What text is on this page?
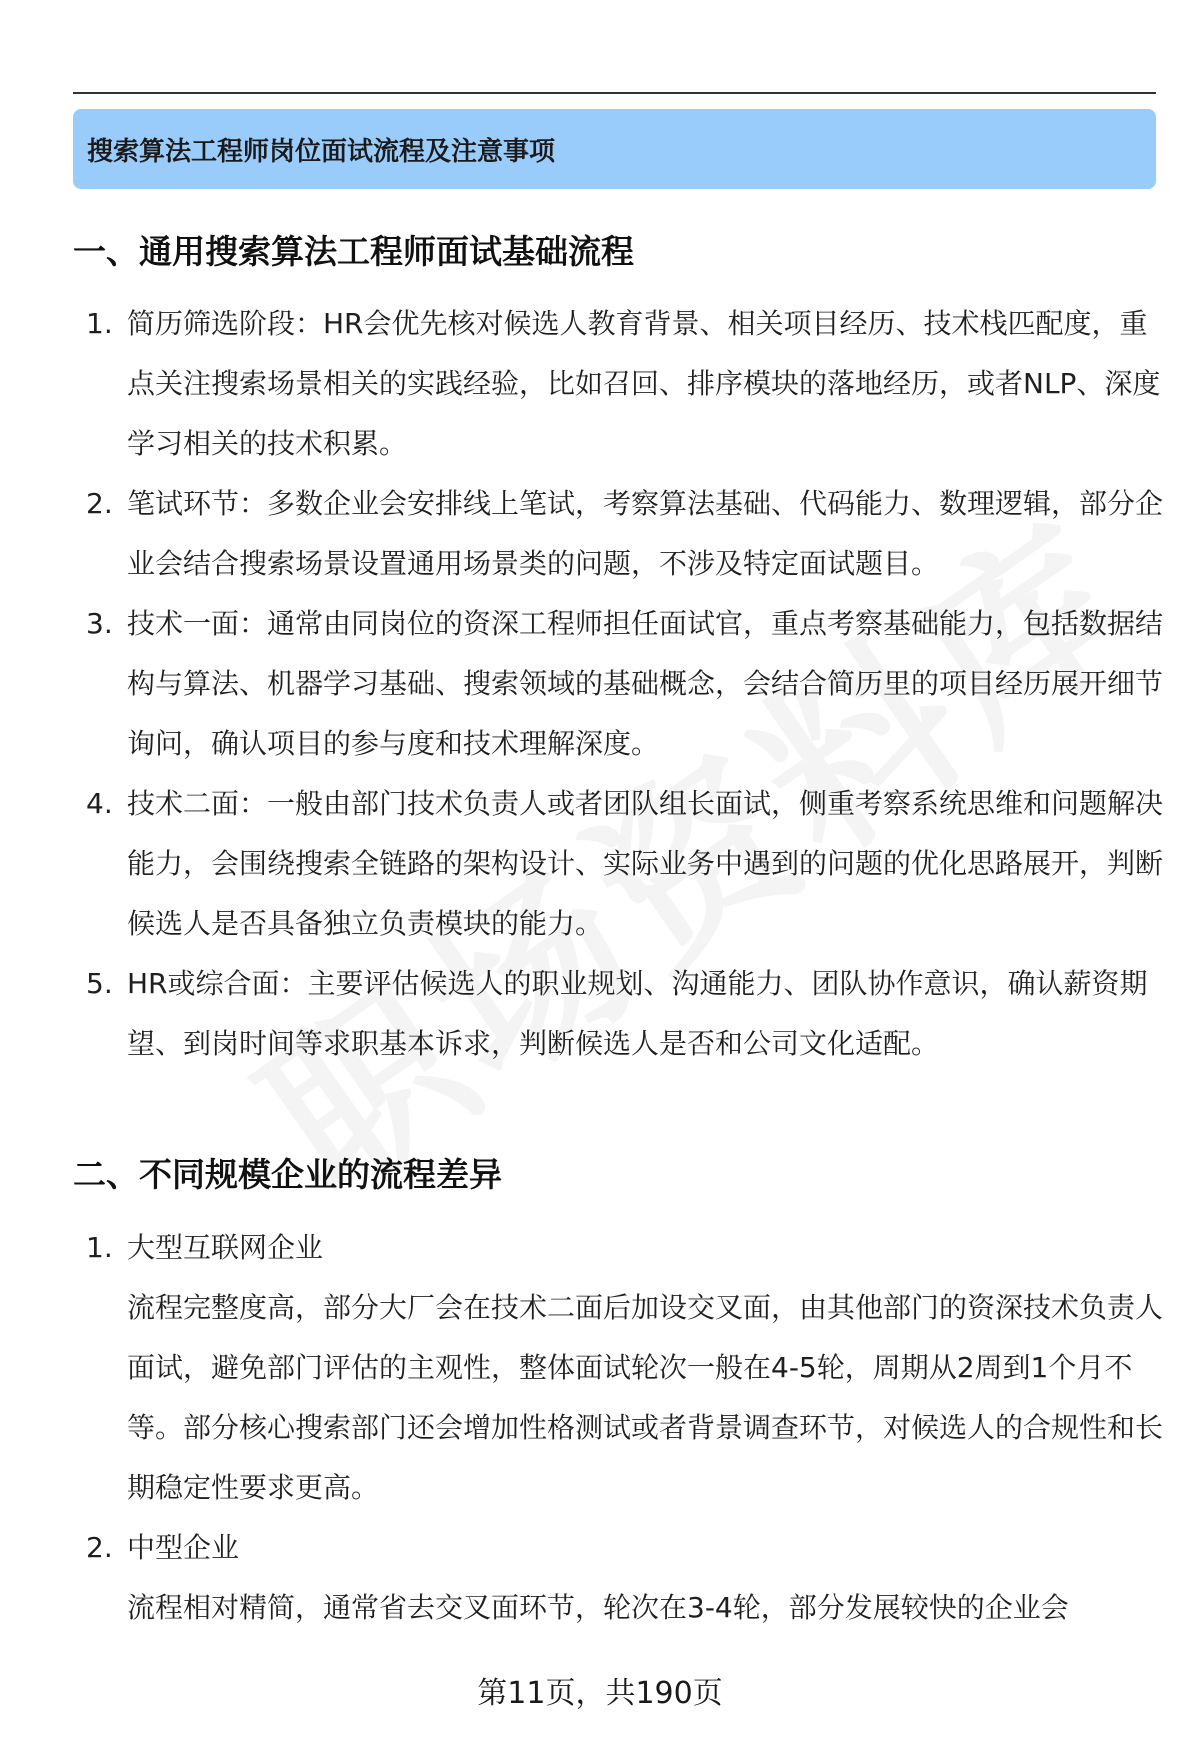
搜索算法工程师岗位面试流程及注意事项
一、通用搜索算法工程师面试基础流程
1. 简历筛选阶段：HR会优先核对候选人教育背景、相关项目经历、技术栈匹配度，重点关注搜索场景相关的实践经验，比如召回、排序模块的落地经历，或者NLP、深度学习相关的技术积累。
2. 笔试环节：多数企业会安排线上笔试，考察算法基础、代码能力、数理逻辑，部分企业会结合搜索场景设置通用场景类的问题，不涉及特定面试题目。
3. 技术一面：通常由同岗位的资深工程师担任面试官，重点考察基础能力，包括数据结构与算法、机器学习基础、搜索领域的基础概念，会结合简历里的项目经历展开细节询问，确认项目的参与度和技术理解深度。
4. 技术二面：一般由部门技术负责人或者团队组长面试，侧重考察系统思维和问题解决能力，会围绕搜索全链路的架构设计、实际业务中遇到的问题的优化思路展开，判断候选人是否具备独立负责模块的能力。
5. HR或综合面：主要评估候选人的职业规划、沟通能力、团队协作意识，确认薪资期望、到岗时间等求职基本诉求，判断候选人是否和公司文化适配。
二、不同规模企业的流程差异
1. 大型互联网企业
流程完整度高，部分大厂会在技术二面后加设交叉面，由其他部门的资深技术负责人面试，避免部门评估的主观性，整体面试轮次一般在4-5轮，周期从2周到1个月不等。部分核心搜索部门还会增加性格测试或者背景调查环节，对候选人的合规性和长期稳定性要求更高。
2. 中型企业
流程相对精简，通常省去交叉面环节，轮次在3-4轮，部分发展较快的企业会
第11页，共190页
